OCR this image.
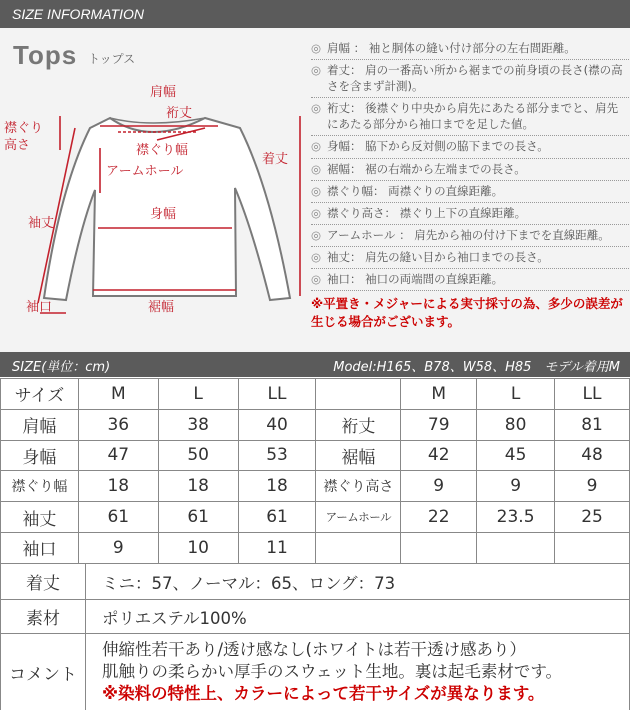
SIZE INFORMATION
Tops トップス
肩幅
裄丈
襟ぐり幅
襟ぐり
高さ
アームホール
着丈
袖丈
身幅
裾幅
袖口
◎ 肩幅 ： 袖と胴体の縫い付け部分の左右間距離。
◎ 着丈： 肩の一番高い所から裾までの前身頃の長さ(襟の高さを含まず計測)。
◎ 裄丈： 後襟ぐり中央から肩先にあたる部分までと、肩先にあたる部分から袖口までを足した値。
◎ 身幅： 脇下から反対側の脇下までの長さ。
◎ 裾幅： 裾の右端から左端までの長さ。
◎ 襟ぐり幅： 両襟ぐりの直線距離。
◎ 襟ぐり高さ： 襟ぐり上下の直線距離。
◎ アームホール ： 肩先から袖の付け下までを直線距離。
◎ 袖丈： 肩先の縫い目から袖口までの長さ。
◎ 袖口： 袖口の両端間の直線距離。
※平置き・メジャーによる実寸採寸の為、多少の誤差が生じる場合がございます。
SIZE(単位：cm)	Model:H165、B78、W58、H85　モデル着用M
サイズ	M	L	LL		M	L	LL
肩幅	36	38	40	裄丈	79	80	81
身幅	47	50	53	裾幅	42	45	48
襟ぐり幅	18	18	18	襟ぐり高さ	9	9	9
袖丈	61	61	61	アームホール	22	23.5	25
袖口	9	10	11				
着丈	ミニ：57、ノーマル：65、ロング：73
素材	ポリエステル100%
コメント	伸縮性若干あり/透け感なし(ホワイトは若干透け感あり）
肌触りの柔らかい厚手のスウェット生地。裏は起毛素材です。
※染料の特性上、カラーによって若干サイズが異なります。
